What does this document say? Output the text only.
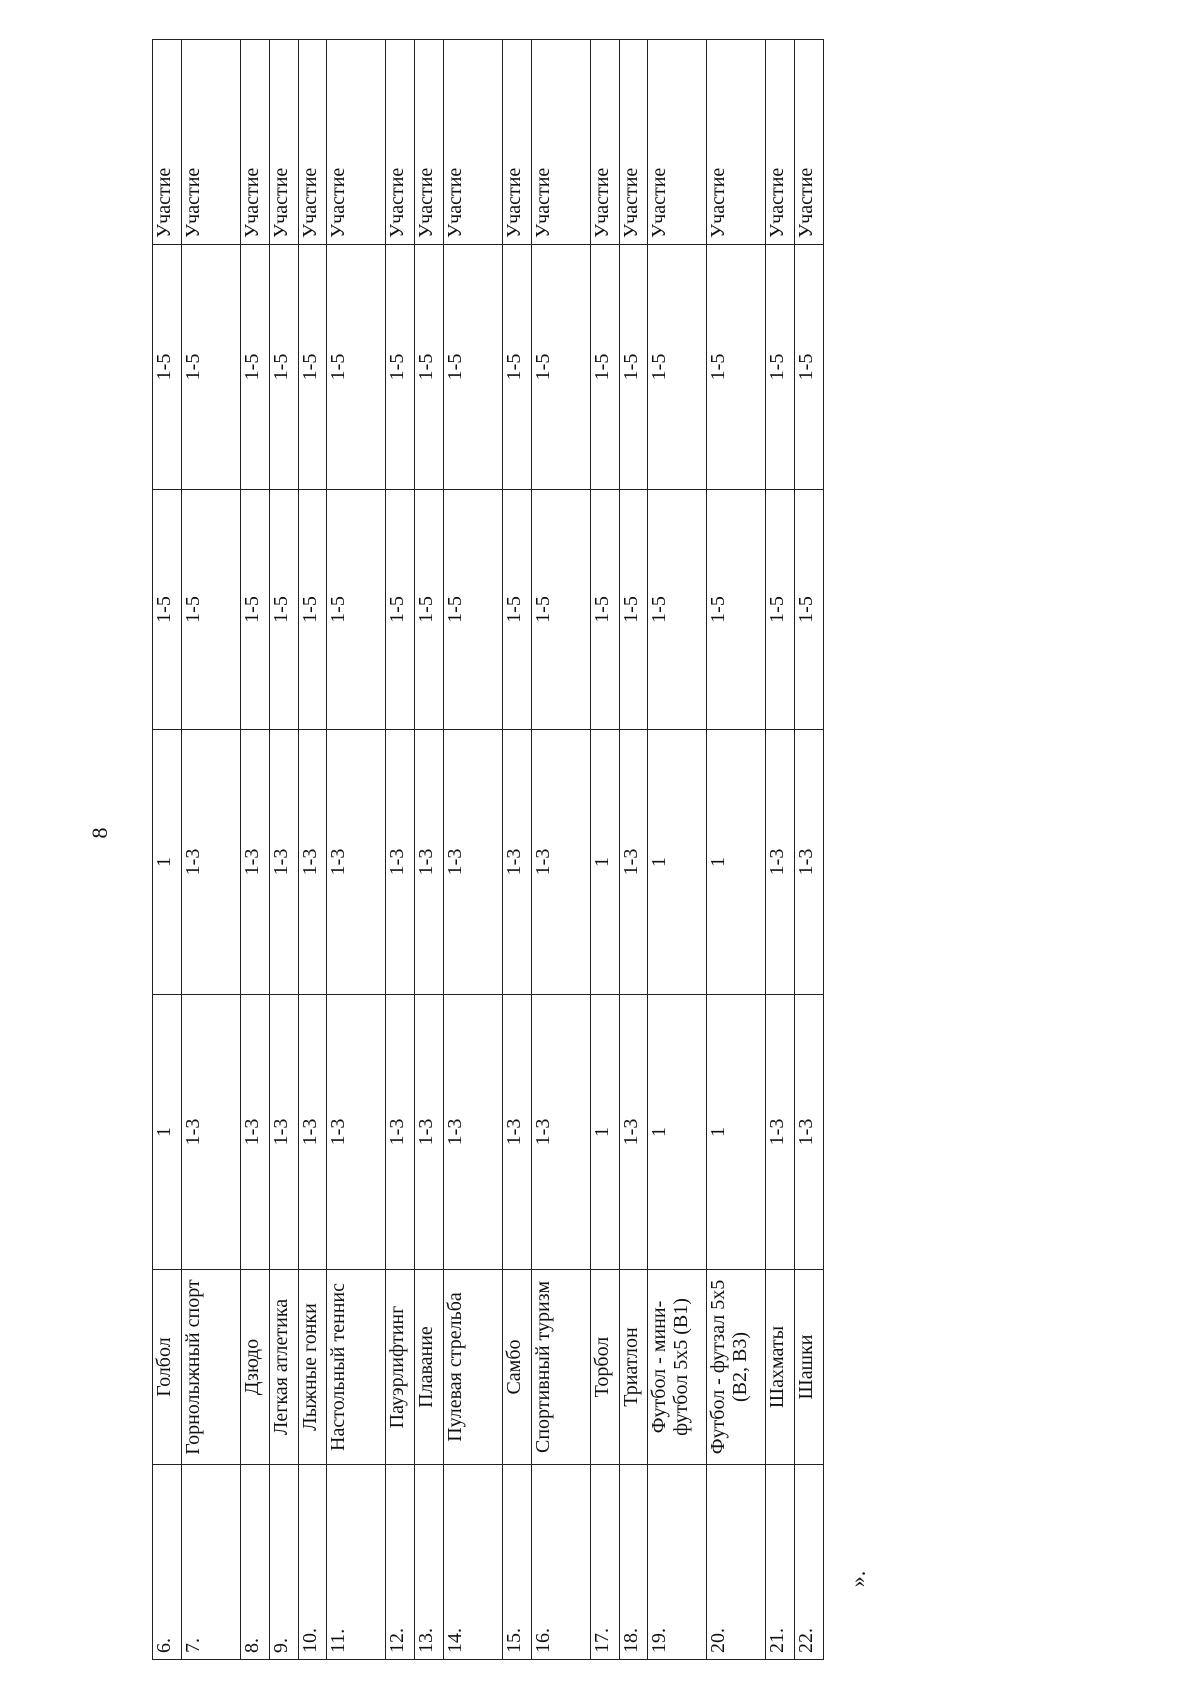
8
6.	Голбол	1	1	1-5	1-5	Участие
7.	Горнолыжный спорт	1-3	1-3	1-5	1-5	Участие
8.	Дзюдо	1-3	1-3	1-5	1-5	Участие
9.	Легкая атлетика	1-3	1-3	1-5	1-5	Участие
10.	Лыжные гонки	1-3	1-3	1-5	1-5	Участие
11.	Настольный теннис	1-3	1-3	1-5	1-5	Участие
12.	Пауэрлифтинг	1-3	1-3	1-5	1-5	Участие
13.	Плавание	1-3	1-3	1-5	1-5	Участие
14.	Пулевая стрельба	1-3	1-3	1-5	1-5	Участие
15.	Самбо	1-3	1-3	1-5	1-5	Участие
16.	Спортивный туризм	1-3	1-3	1-5	1-5	Участие
17.	Торбол	1	1	1-5	1-5	Участие
18.	Триатлон	1-3	1-3	1-5	1-5	Участие
19.	Футбол - мини-футбол 5х5 (В1)	1	1	1-5	1-5	Участие
20.	Футбол - футзал 5х5 (В2, В3)	1	1	1-5	1-5	Участие
21.	Шахматы	1-3	1-3	1-5	1-5	Участие
22.	Шашки	1-3	1-3	1-5	1-5	Участие
».
